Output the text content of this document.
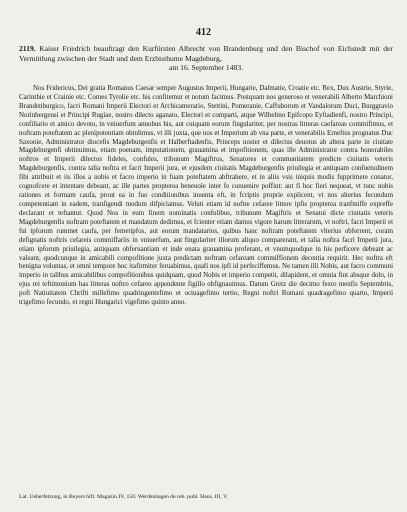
412
2119. Kaiser Friedrich beauftragt den Kurfürsten Albrecht von Brandenburg und den Bischof von Eichstedt mit der Vermittlung zwischen der Stadt und dem Erzbisthume Magdeburg,
am 16. September 1483.
Nos Fridericus, Dei gratia Romanus Caesar semper Augustus Imperii, Hungarie, Dalmatie, Croatie etc. Rex, Dux Austrie, Styrie, Carinthie et Crainie etc. Comes Tyrolie etc. his confitemur et notum facimus. Postquam nos generoso et venerabili Alberto Marchioni Brandenburgico, facri Romani Imperii Electori et Archicamerario, Stettini, Pomeranie, Caffuborum et Vandalorum Duci, Burggravio Norinbergensi et Principi Rugiae, nostro dilecto aganato, Electori et comparti, atque Wilhelmo Epifcopo Eyftadienfi, nostro Principi, confiliario et amico devoto, in vniuerfum annobus his, aut cuiquam eorum fingulariter, per nostras litteras caefareas commifimus, et noftram poteftatem ac plenipotentiam obtulimus, vt illi juxta, que nos et Imperium ab vna parte, et venerabilis Erneftus prognatus Duc Saxonie, Administrator diocefis Magdeburgenfis et Halberftadenfis, Princeps noster et dilectus deuotus ab altera parte in ciuitate Magdeburgenfi obtinuimus, etiam poenam, imputationem, grauamina et impofitionem, quas ille Administrator contra honorabiles noftros et Imperii dilectos fideles, confules, tribunum Magiftros, Senatores et communitatem predicte ciuitatis veteris Magdeburgenfis, contra talia noftra et facri Imperii jura, et ejusdem ciuitatis Magdeburgenfis priuilegia et antiquam confuetudinem fibi attribuit et iis illos a nobis et facro imperio in fuam poteftatem abftrahere, et in aliis vsis iniquis modis fupprimere conatur, cognofcere et intentare debeant, ac ille partes propterea beneuole inter fe conuenire poffint: aut fi hoc fieri nequeat, vt tunc nobis rationes et formam caufa, prout ea in fuo conditionibus inuenta eft, in fcriptis proprie explicent, vt nos alterius fecundum competentiam in eadem, tranfigendi modum difpiciamus. Veluti etiam id noftre cefaree littere ipfis propterea tranfmiffe expreffe declarant et teftantur. Quod Nos in eum finem nominatis confulibus, tribunum Magiftris et Senatui dicte ciuitatis veteris Magdeburgenfis noftram poteftatem et mandatum dedimus, et fcienter etiam damus vigore harum litterarum, vt noftri, facri Imperii et fui ipforum rummet caufa, per femetipfos, aut eorum mandatarios, quibus hanc noftram poteftatem vlterius obferrent, coram defignatis noftris cefareis commiffariis in vniuerfum, aut fingulariter illorum aliquo comparerant, et talia noftra facri Imperii jura, etiam ipforum priuilegia, antiquam obferuantiam et inde enata grauamina proferant, et vnumquodque in his perficere debeant ac valeant, quodcunque in amicabili compofitione juxta predictam noftram cefaream commiffionem decentia requirit. Hec noftra eft benigna voluntas, et omni tempore hoc itafirmiter feruabimus, quafi nos ipfi id perfeciffemus. Ne tamen illi Nobis, aut facro communi imperio in talibus amicabilibus compofitionibus quidquam, quod Nobis et imperio competit, dilapident, et omnia fint absque dolo, in ejus rei teftimonium has litteras noftro cefareo appendente figillo obfignauimus. Datum Gretz die decimo fexto menfis Septembris, poft Natiuitatem Chrifti millefimo quadringentefimo et octuagefimo tertio, Regni noftri Romani quadragefimo quarto, Imperii trigefimo fecundo, et regni Hungarici vigefimo quinto anno.
Lat. Ueberfetzung, in Beyers hift. Magazin IV, 150. Werdenhagen de reb. publ. Hans. III, V.
